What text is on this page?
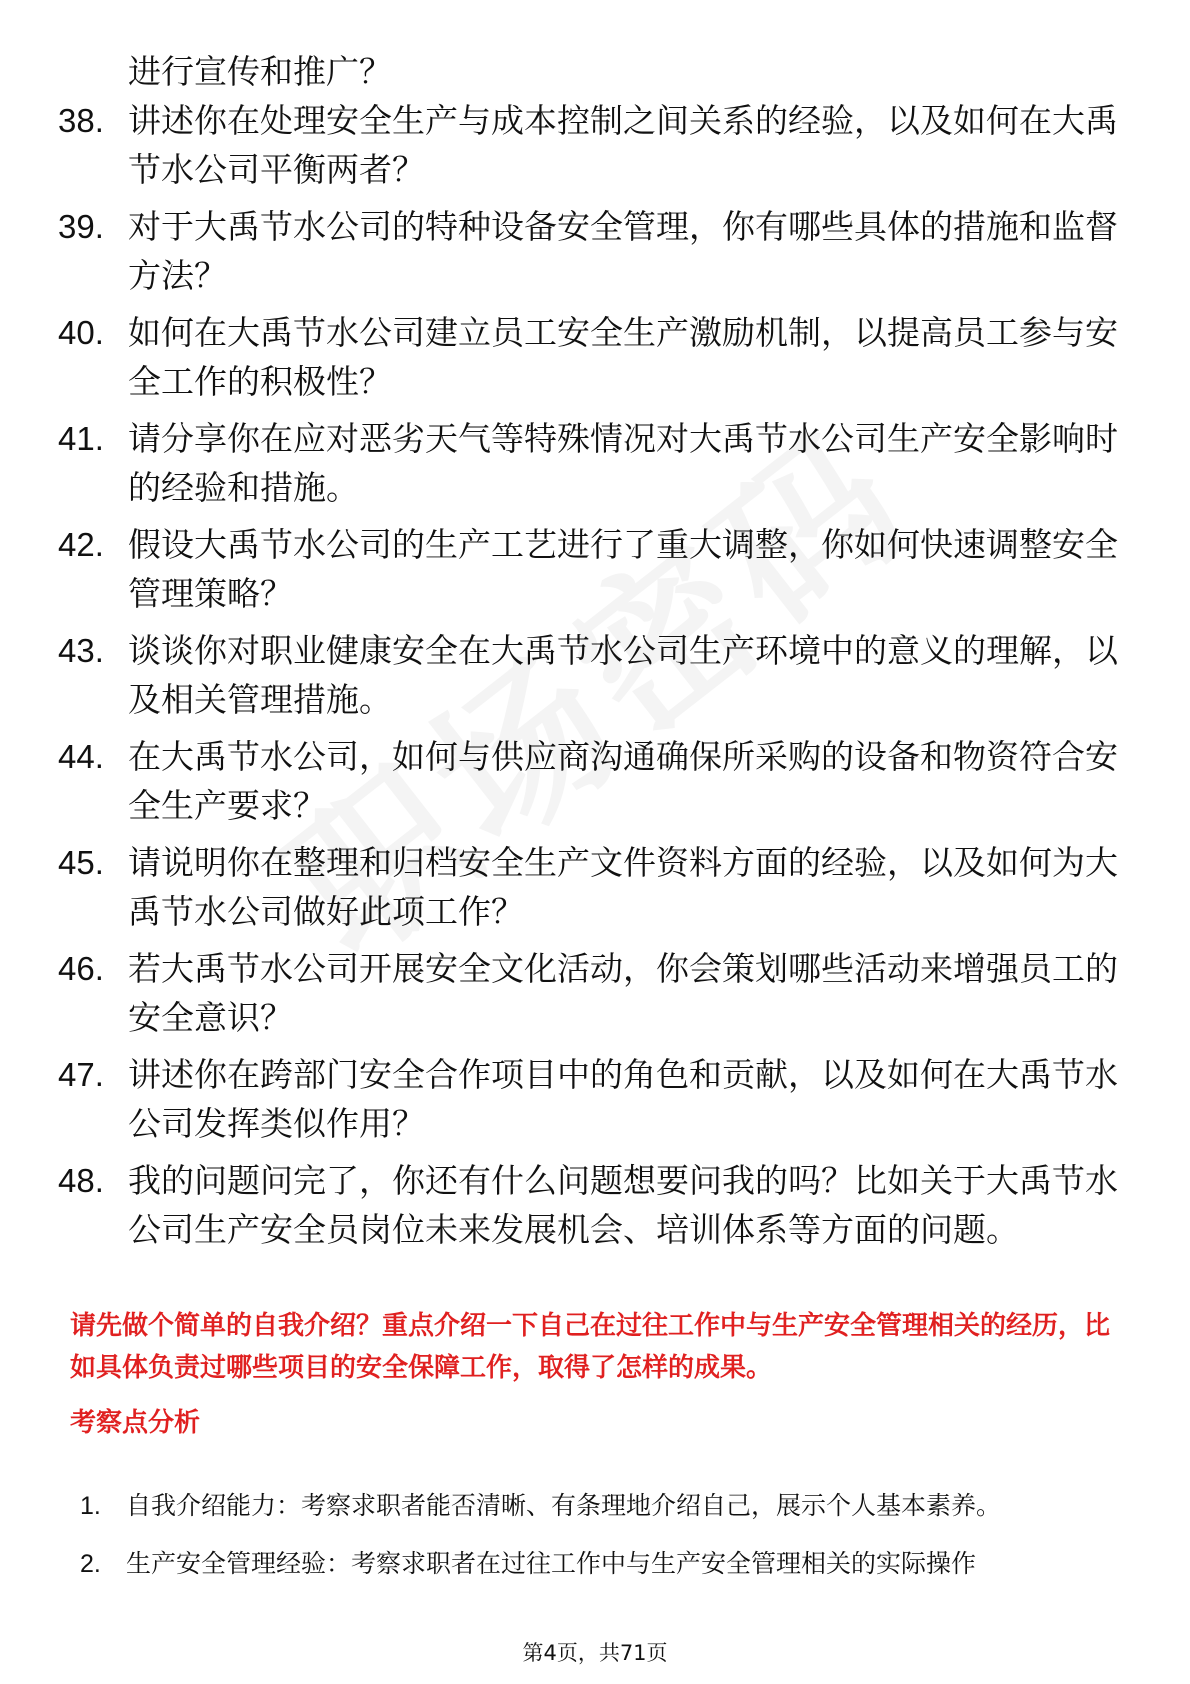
进行宣传和推广？
38. 讲述你在处理安全生产与成本控制之间关系的经验，以及如何在大禹节水公司平衡两者？
39. 对于大禹节水公司的特种设备安全管理，你有哪些具体的措施和监督方法？
40. 如何在大禹节水公司建立员工安全生产激励机制，以提高员工参与安全工作的积极性？
41. 请分享你在应对恶劣天气等特殊情况对大禹节水公司生产安全影响时的经验和措施。
42. 假设大禹节水公司的生产工艺进行了重大调整，你如何快速调整安全管理策略？
43. 谈谈你对职业健康安全在大禹节水公司生产环境中的意义的理解，以及相关管理措施。
44. 在大禹节水公司，如何与供应商沟通确保所采购的设备和物资符合安全生产要求？
45. 请说明你在整理和归档安全生产文件资料方面的经验，以及如何为大禹节水公司做好此项工作？
46. 若大禹节水公司开展安全文化活动，你会策划哪些活动来增强员工的安全意识？
47. 讲述你在跨部门安全合作项目中的角色和贡献，以及如何在大禹节水公司发挥类似作用？
48. 我的问题问完了，你还有什么问题想要问我的吗？比如关于大禹节水公司生产安全员岗位未来发展机会、培训体系等方面的问题。
请先做个简单的自我介绍？重点介绍一下自己在过往工作中与生产安全管理相关的经历，比如具体负责过哪些项目的安全保障工作，取得了怎样的成果。
考察点分析
1.	自我介绍能力：考察求职者能否清晰、有条理地介绍自己，展示个人基本素养。
2.	生产安全管理经验：考察求职者在过往工作中与生产安全管理相关的实际操作
第4页，共71页
